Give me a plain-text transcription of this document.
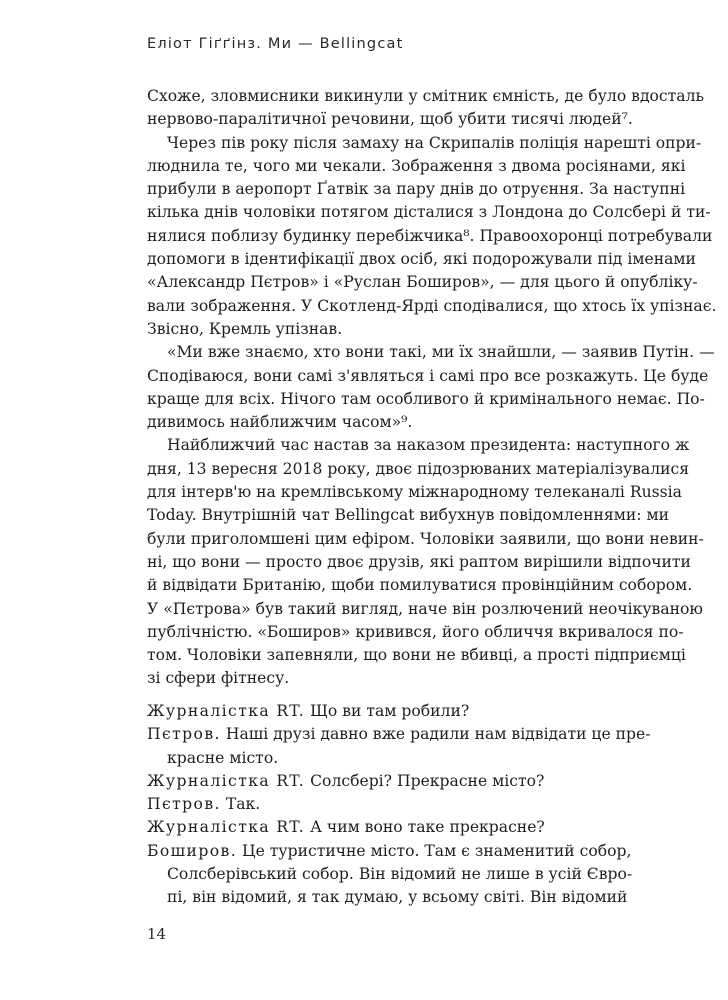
Еліот Гіґґінз. Ми — Bellingcat
Схоже, зловмисники викинули у смітник ємність, де було вдосталь
нервово-паралітичної речовини, щоб убити тисячі людей⁷.
Через пів року після замаху на Скрипалів поліція нарешті опри-
люднила те, чого ми чекали. Зображення з двома росіянами, які
прибули в аеропорт Ґатвік за пару днів до отруєння. За наступні
кілька днів чоловіки потягом дісталися з Лондона до Солсбері й ти-
нялися поблизу будинку перебіжчика⁸. Правоохоронці потребували
допомоги в ідентифікації двох осіб, які подорожували під іменами
«Александр Пєтров» і «Руслан Боширов», — для цього й опубліку-
вали зображення. У Скотленд-Ярді сподівалися, що хтось їх упізнає.
Звісно, Кремль упізнав.
«Ми вже знаємо, хто вони такі, ми їх знайшли, — заявив Путін. —
Сподіваюся, вони самі з'являться і самі про все розкажуть. Це буде
краще для всіх. Нічого там особливого й кримінального немає. По-
дивимось найближчим часом»⁹.
Найближчий час настав за наказом президента: наступного ж
дня, 13 вересня 2018 року, двоє підозрюваних матеріалізувалися
для інтерв'ю на кремлівському міжнародному телеканалі Russia
Today. Внутрішній чат Bellingcat вибухнув повідомленнями: ми
були приголомшені цим ефіром. Чоловіки заявили, що вони невин-
ні, що вони — просто двоє друзів, які раптом вирішили відпочити
й відвідати Британію, щоби помилуватися провінційним собором.
У «Пєтрова» був такий вигляд, наче він розлючений неочікуваною
публічністю. «Боширов» кривився, його обличчя вкривалося по-
том. Чоловіки запевняли, що вони не вбивці, а прості підприємці
зі сфери фітнесу.
Журналістка RT. Що ви там робили?
Пєтров. Наші друзі давно вже радили нам відвідати це пре-
красне місто.
Журналістка RT. Солсбері? Прекрасне місто?
Пєтров. Так.
Журналістка RT. А чим воно таке прекрасне?
Боширов. Це туристичне місто. Там є знаменитий собор,
Солсберівський собор. Він відомий не лише в усій Євро-
пі, він відомий, я так думаю, у всьому світі. Він відомий
14
